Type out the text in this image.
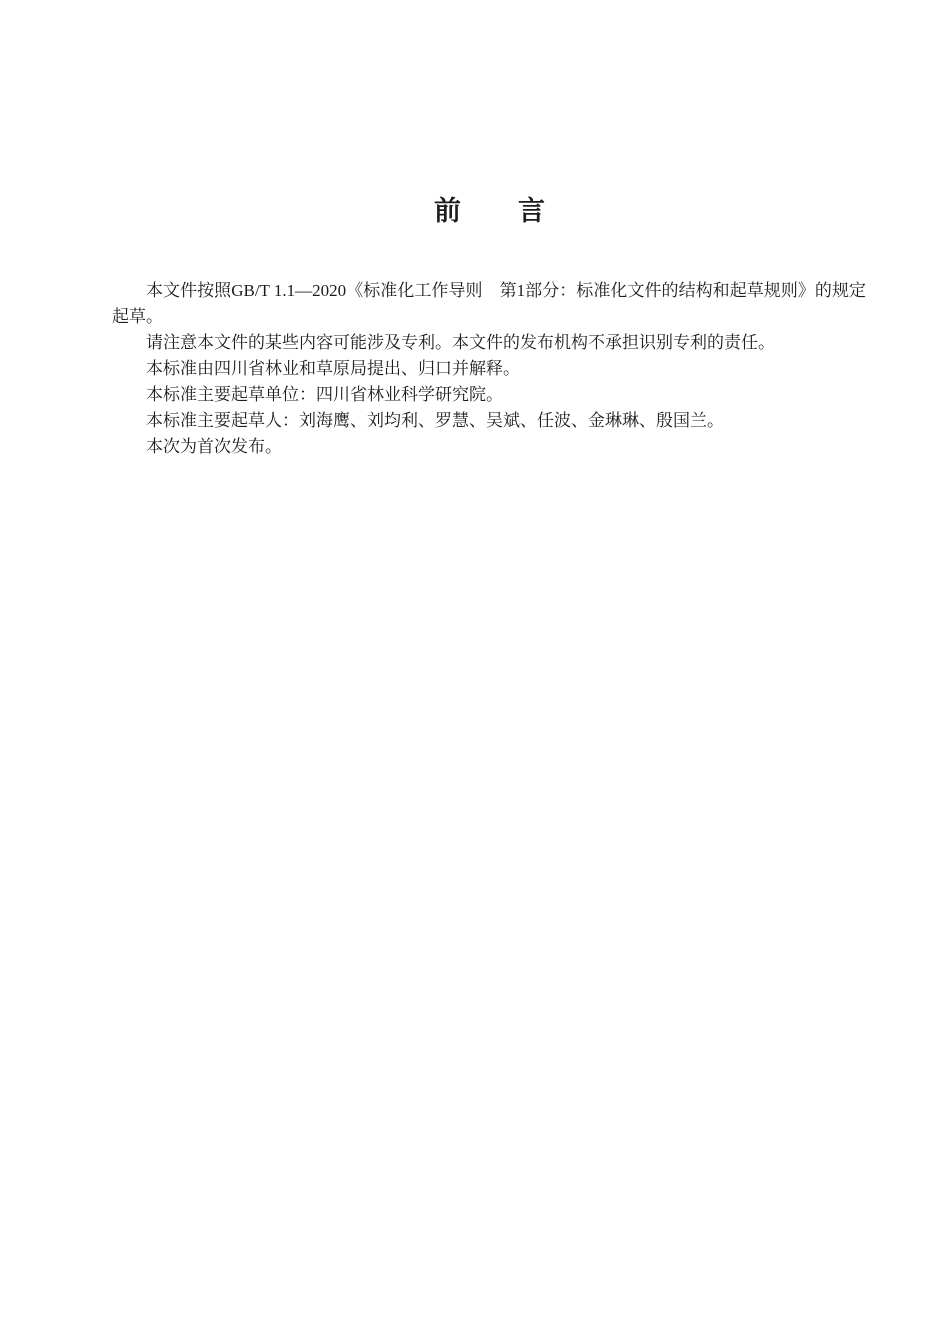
前　　言

本文件按照GB/T 1.1—2020《标准化工作导则　第1部分：标准化文件的结构和起草规则》的规定起草。

请注意本文件的某些内容可能涉及专利。本文件的发布机构不承担识别专利的责任。

本标准由四川省林业和草原局提出、归口并解释。

本标准主要起草单位：四川省林业科学研究院。

本标准主要起草人：刘海鹰、刘均利、罗慧、吴斌、任波、金琳琳、殷国兰。

本次为首次发布。
